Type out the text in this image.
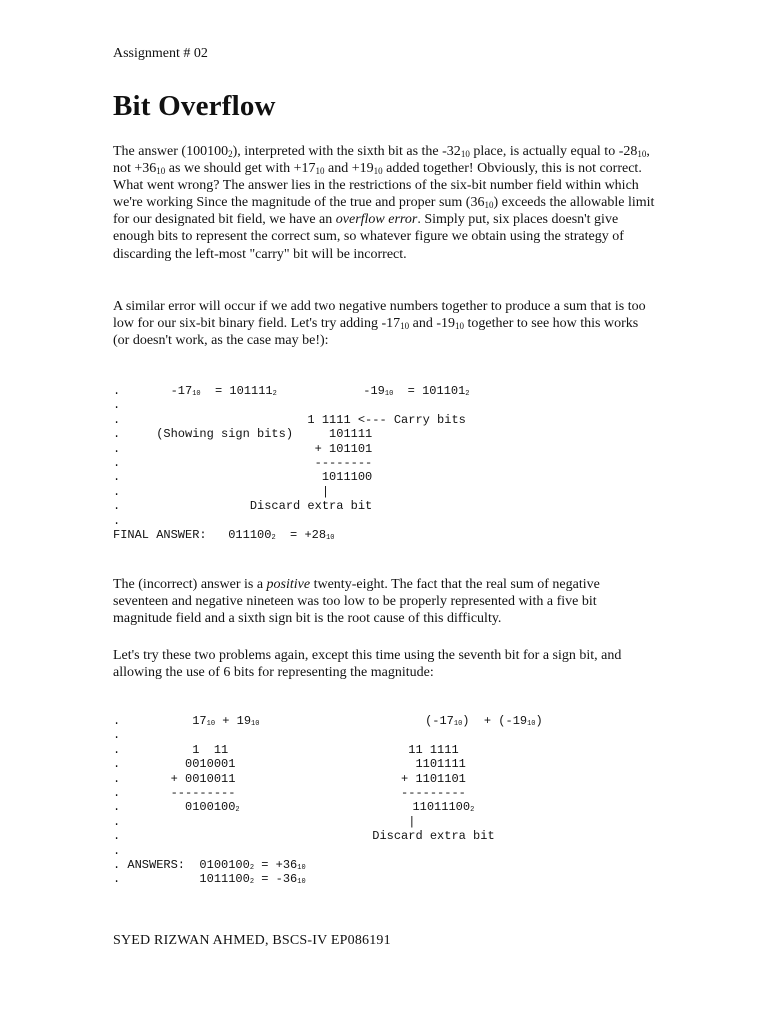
Assignment # 02
Bit Overflow

The answer $(100100_2)$, interpreted with the sixth bit as the $-32_{10}$ place, is actually equal to $-28_{10}$, not $+36_{10}$ as we should get with $+17_{10}$ and $+19_{10}$ added together! Obviously, this is not correct. What went wrong? The answer lies in the restrictions of the six-bit number field within which we're working Since the magnitude of the true and proper sum $(36_{10})$ exceeds the allowable limit for our designated bit field, we have an overflow error. Simply put, six places doesn't give enough bits to represent the correct sum, so whatever figure we obtain using the strategy of discarding the left-most "carry" bit will be incorrect.

A similar error will occur if we add two negative numbers together to produce a sum that is too low for our six-bit binary field. Let's try adding $-17_{10}$ and $-19_{10}$ together to see how this works (or doesn't work, as the case may be!):

.       -1710  = 1011112            -1910  = 1011012
.
.                          1 1111 <--- Carry bits
.     (Showing sign bits)     101111
.                           + 101101
.                           --------
.                            1011100
.                            |
.                  Discard extra bit
.
FINAL ANSWER:   0111002  = +2810

The (incorrect) answer is a positive twenty-eight. The fact that the real sum of negative seventeen and negative nineteen was too low to be properly represented with a five bit magnitude field and a sixth sign bit is the root cause of this difficulty.

Let's try these two problems again, except this time using the seventh bit for a sign bit, and allowing the use of 6 bits for representing the magnitude:

.          1710 + 1910                       (-1710)  + (-1910)
.
.          1  11                         11 1111
.         0010001                         1101111
.       + 0010011                       + 1101101
.       ---------                       ---------
.         01001002                        110111002
.                                        |
.                                   Discard extra bit
.
. ANSWERS:  01001002 = +3610
.           10111002 = -3610
SYED RIZWAN AHMED, BSCS-IV EP086191
